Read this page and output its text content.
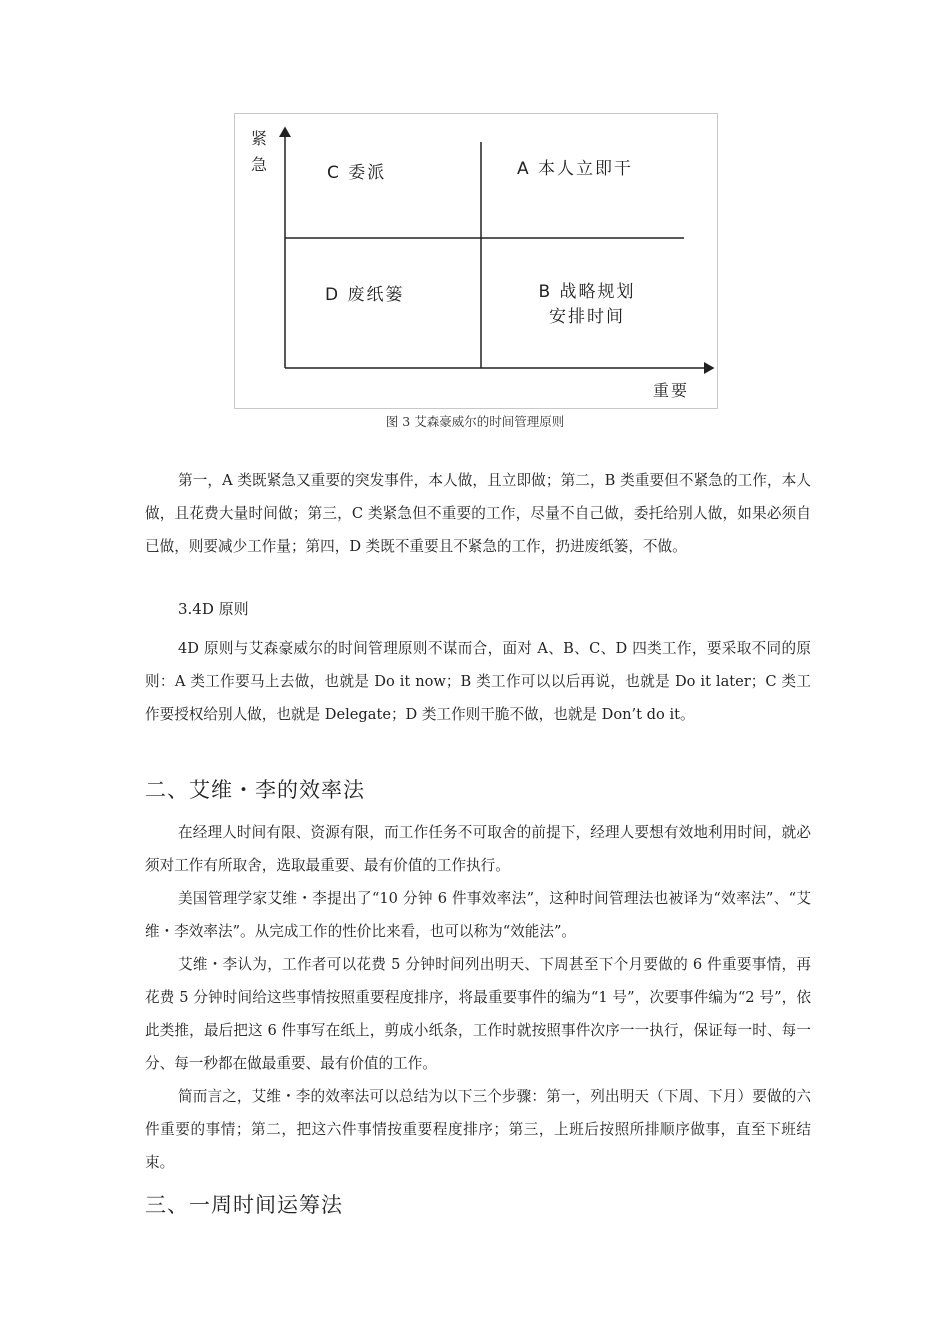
紧
急
重要
C 委派	A 本人立即干
D 废纸篓	B 战略规划
安排时间
图 3 艾森豪威尔的时间管理原则

第一，A 类既紧急又重要的突发事件，本人做，且立即做；第二，B 类重要但不紧急的工作，本人做，且花费大量时间做；第三，C 类紧急但不重要的工作，尽量不自己做，委托给别人做，如果必须自已做，则要减少工作量；第四，D 类既不重要且不紧急的工作，扔进废纸篓，不做。

3.4D 原则

4D 原则与艾森豪威尔的时间管理原则不谋而合，面对 A、B、C、D 四类工作，要采取不同的原则：A 类工作要马上去做，也就是 Do it now；B 类工作可以以后再说，也就是 Do it later；C 类工作要授权给别人做，也就是 Delegate；D 类工作则干脆不做，也就是 Don’t do it。

二、艾维・李的效率法

在经理人时间有限、资源有限，而工作任务不可取舍的前提下，经理人要想有效地利用时间，就必须对工作有所取舍，选取最重要、最有价值的工作执行。

美国管理学家艾维・李提出了“10 分钟 6 件事效率法”，这种时间管理法也被译为“效率法”、“艾维・李效率法”。从完成工作的性价比来看，也可以称为“效能法”。

艾维・李认为，工作者可以花费 5 分钟时间列出明天、下周甚至下个月要做的 6 件重要事情，再花费 5 分钟时间给这些事情按照重要程度排序，将最重要事件的编为“1 号”，次要事件编为“2 号”，依此类推，最后把这 6 件事写在纸上，剪成小纸条，工作时就按照事件次序一一执行，保证每一时、每一分、每一秒都在做最重要、最有价值的工作。

简而言之，艾维・李的效率法可以总结为以下三个步骤：第一，列出明天（下周、下月）要做的六件重要的事情；第二，把这六件事情按重要程度排序；第三，上班后按照所排顺序做事，直至下班结束。

三、一周时间运筹法
